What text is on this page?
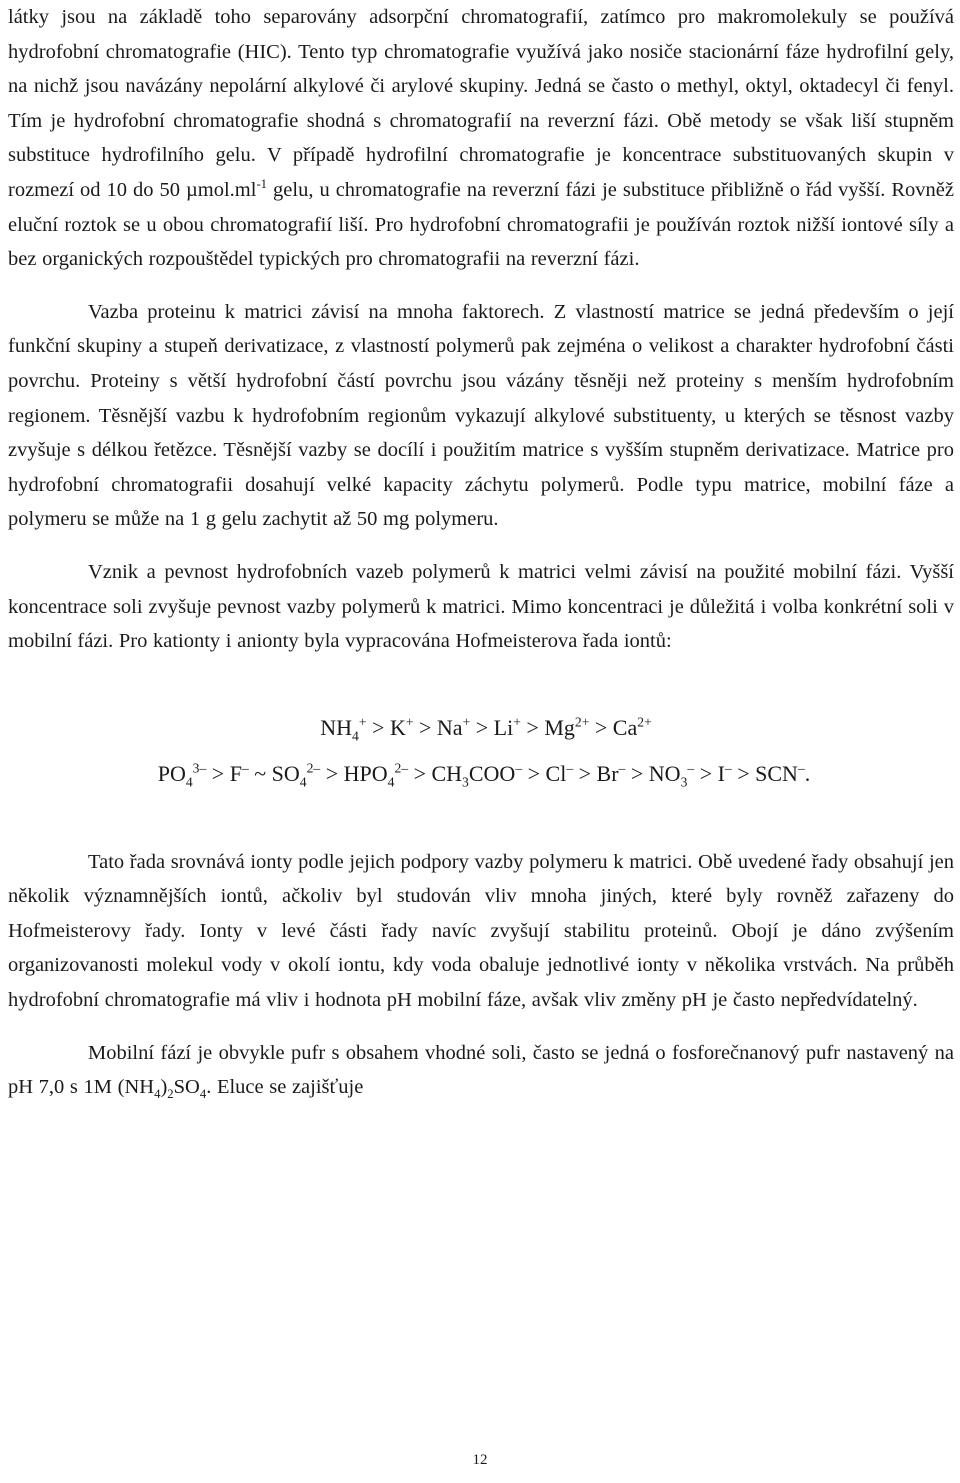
látky jsou na základě toho separovány adsorpční chromatografií, zatímco pro makromolekuly se používá hydrofobní chromatografie (HIC). Tento typ chromatografie využívá jako nosiče stacionární fáze hydrofilní gely, na nichž jsou navázány nepolární alkylové či arylové skupiny. Jedná se často o methyl, oktyl, oktadecyl či fenyl. Tím je hydrofobní chromatografie shodná s chromatografií na reverzní fázi. Obě metody se však liší stupněm substituce hydrofilního gelu. V případě hydrofilní chromatografie je koncentrace substituovaných skupin v rozmezí od 10 do 50 $\mu mol.ml^{-1}$ gelu, u chromatografie na reverzní fázi je substituce přibližně o řád vyšší. Rovněž eluční roztok se u obou chromatografií liší. Pro hydrofobní chromatografii je používán roztok nižší iontové síly a bez organických rozpouštědel typických pro chromatografii na reverzní fázi.

Vazba proteinu k matrici závisí na mnoha faktorech. Z vlastností matrice se jedná především o její funkční skupiny a stupeň derivatizace, z vlastností polymerů pak zejména o velikost a charakter hydrofobní části povrchu. Proteiny s větší hydrofobní částí povrchu jsou vázány těsněji než proteiny s menším hydrofobním regionem. Těsnější vazbu k hydrofobním regionům vykazují alkylové substituenty, u kterých se těsnost vazby zvyšuje s délkou řetězce. Těsnější vazby se docílí i použitím matrice s vyšším stupněm derivatizace. Matrice pro hydrofobní chromatografii dosahují velké kapacity záchytu polymerů. Podle typu matrice, mobilní fáze a polymeru se může na 1 g gelu zachytit až 50 mg polymeru.

Vznik a pevnost hydrofobních vazeb polymerů k matrici velmi závisí na použité mobilní fázi. Vyšší koncentrace soli zvyšuje pevnost vazby polymerů k matrici. Mimo koncentraci je důležitá i volba konkrétní soli v mobilní fázi. Pro kationty i anionty byla vypracována Hofmeisterova řada iontů:

$NH_4^+ > K^+ > Na^+ > Li^+ > Mg^{2+} > Ca^{2+}$
$PO_4^{3-} > F^-$ ~ $SO_4^{2-} > HPO_4^{2-} > CH_3COO^- > Cl^- > Br^- > NO_3^- > I^- > SCN^-$.

Tato řada srovnává ionty podle jejich podpory vazby polymeru k matrici. Obě uvedené řady obsahují jen několik významnějších iontů, ačkoliv byl studován vliv mnoha jiných, které byly rovněž zařazeny do Hofmeisterovy řady. Ionty v levé části řady navíc zvyšují stabilitu proteinů. Obojí je dáno zvýšením organizovanosti molekul vody v okolí iontu, kdy voda obaluje jednotlivé ionty v několika vrstvách. Na průběh hydrofobní chromatografie má vliv i hodnota pH mobilní fáze, avšak vliv změny pH je často nepředvídatelný.

Mobilní fází je obvykle pufr s obsahem vhodné soli, často se jedná o fosforečnanový pufr nastavený na pH 7,0 s 1M $(NH_4)_2SO_4$. Eluce se zajišťuje

12
